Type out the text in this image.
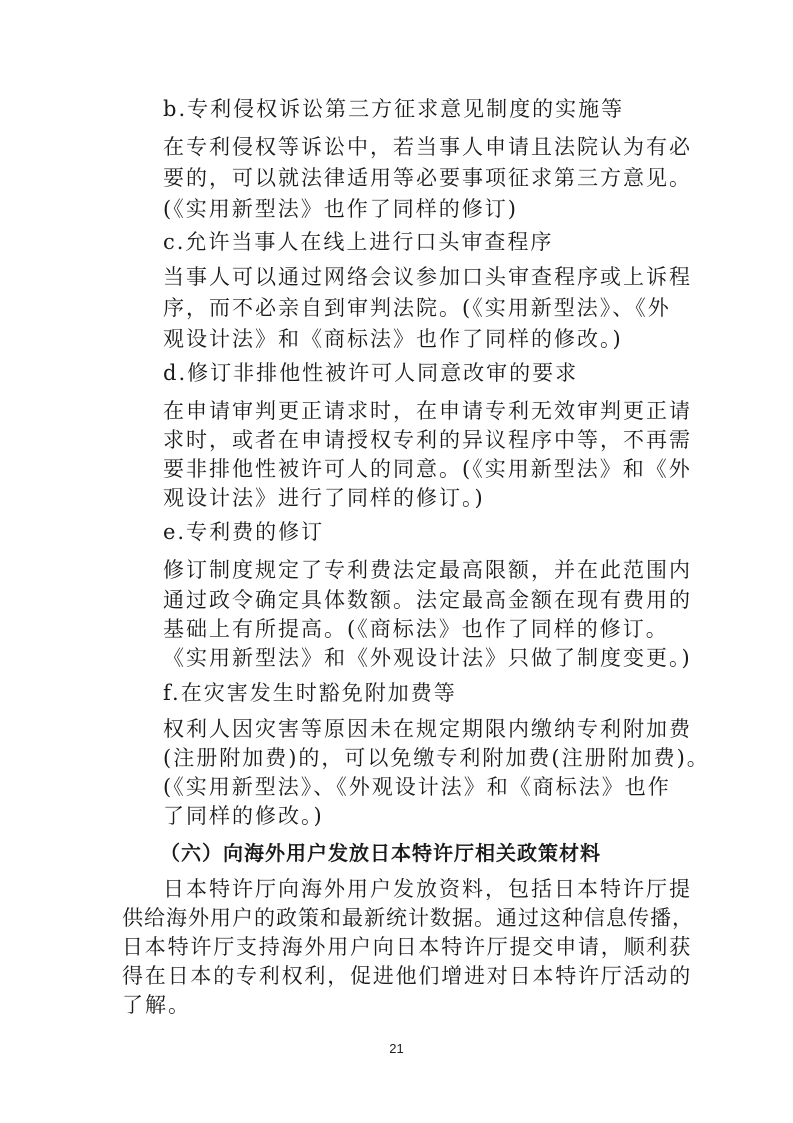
b.专利侵权诉讼第三方征求意见制度的实施等
在专利侵权等诉讼中，若当事人申请且法院认为有必
要的，可以就法律适用等必要事项征求第三方意见。
(《实用新型法》也作了同样的修订)
c.允许当事人在线上进行口头审查程序
当事人可以通过网络会议参加口头审查程序或上诉程
序，而不必亲自到审判法院。(《实用新型法》、《外
观设计法》和《商标法》也作了同样的修改。)
d.修订非排他性被许可人同意改审的要求
在申请审判更正请求时，在申请专利无效审判更正请
求时，或者在申请授权专利的异议程序中等，不再需
要非排他性被许可人的同意。(《实用新型法》和《外
观设计法》进行了同样的修订。)
e.专利费的修订
修订制度规定了专利费法定最高限额，并在此范围内
通过政令确定具体数额。法定最高金额在现有费用的
基础上有所提高。(《商标法》也作了同样的修订。
《实用新型法》和《外观设计法》只做了制度变更。)
f.在灾害发生时豁免附加费等
权利人因灾害等原因未在规定期限内缴纳专利附加费
(注册附加费)的，可以免缴专利附加费(注册附加费)。
(《实用新型法》、《外观设计法》和《商标法》也作
了同样的修改。)
（六）向海外用户发放日本特许厅相关政策材料
日本特许厅向海外用户发放资料，包括日本特许厅提
供给海外用户的政策和最新统计数据。通过这种信息传播，
日本特许厅支持海外用户向日本特许厅提交申请，顺利获
得在日本的专利权利，促进他们增进对日本特许厅活动的
了解。
21
